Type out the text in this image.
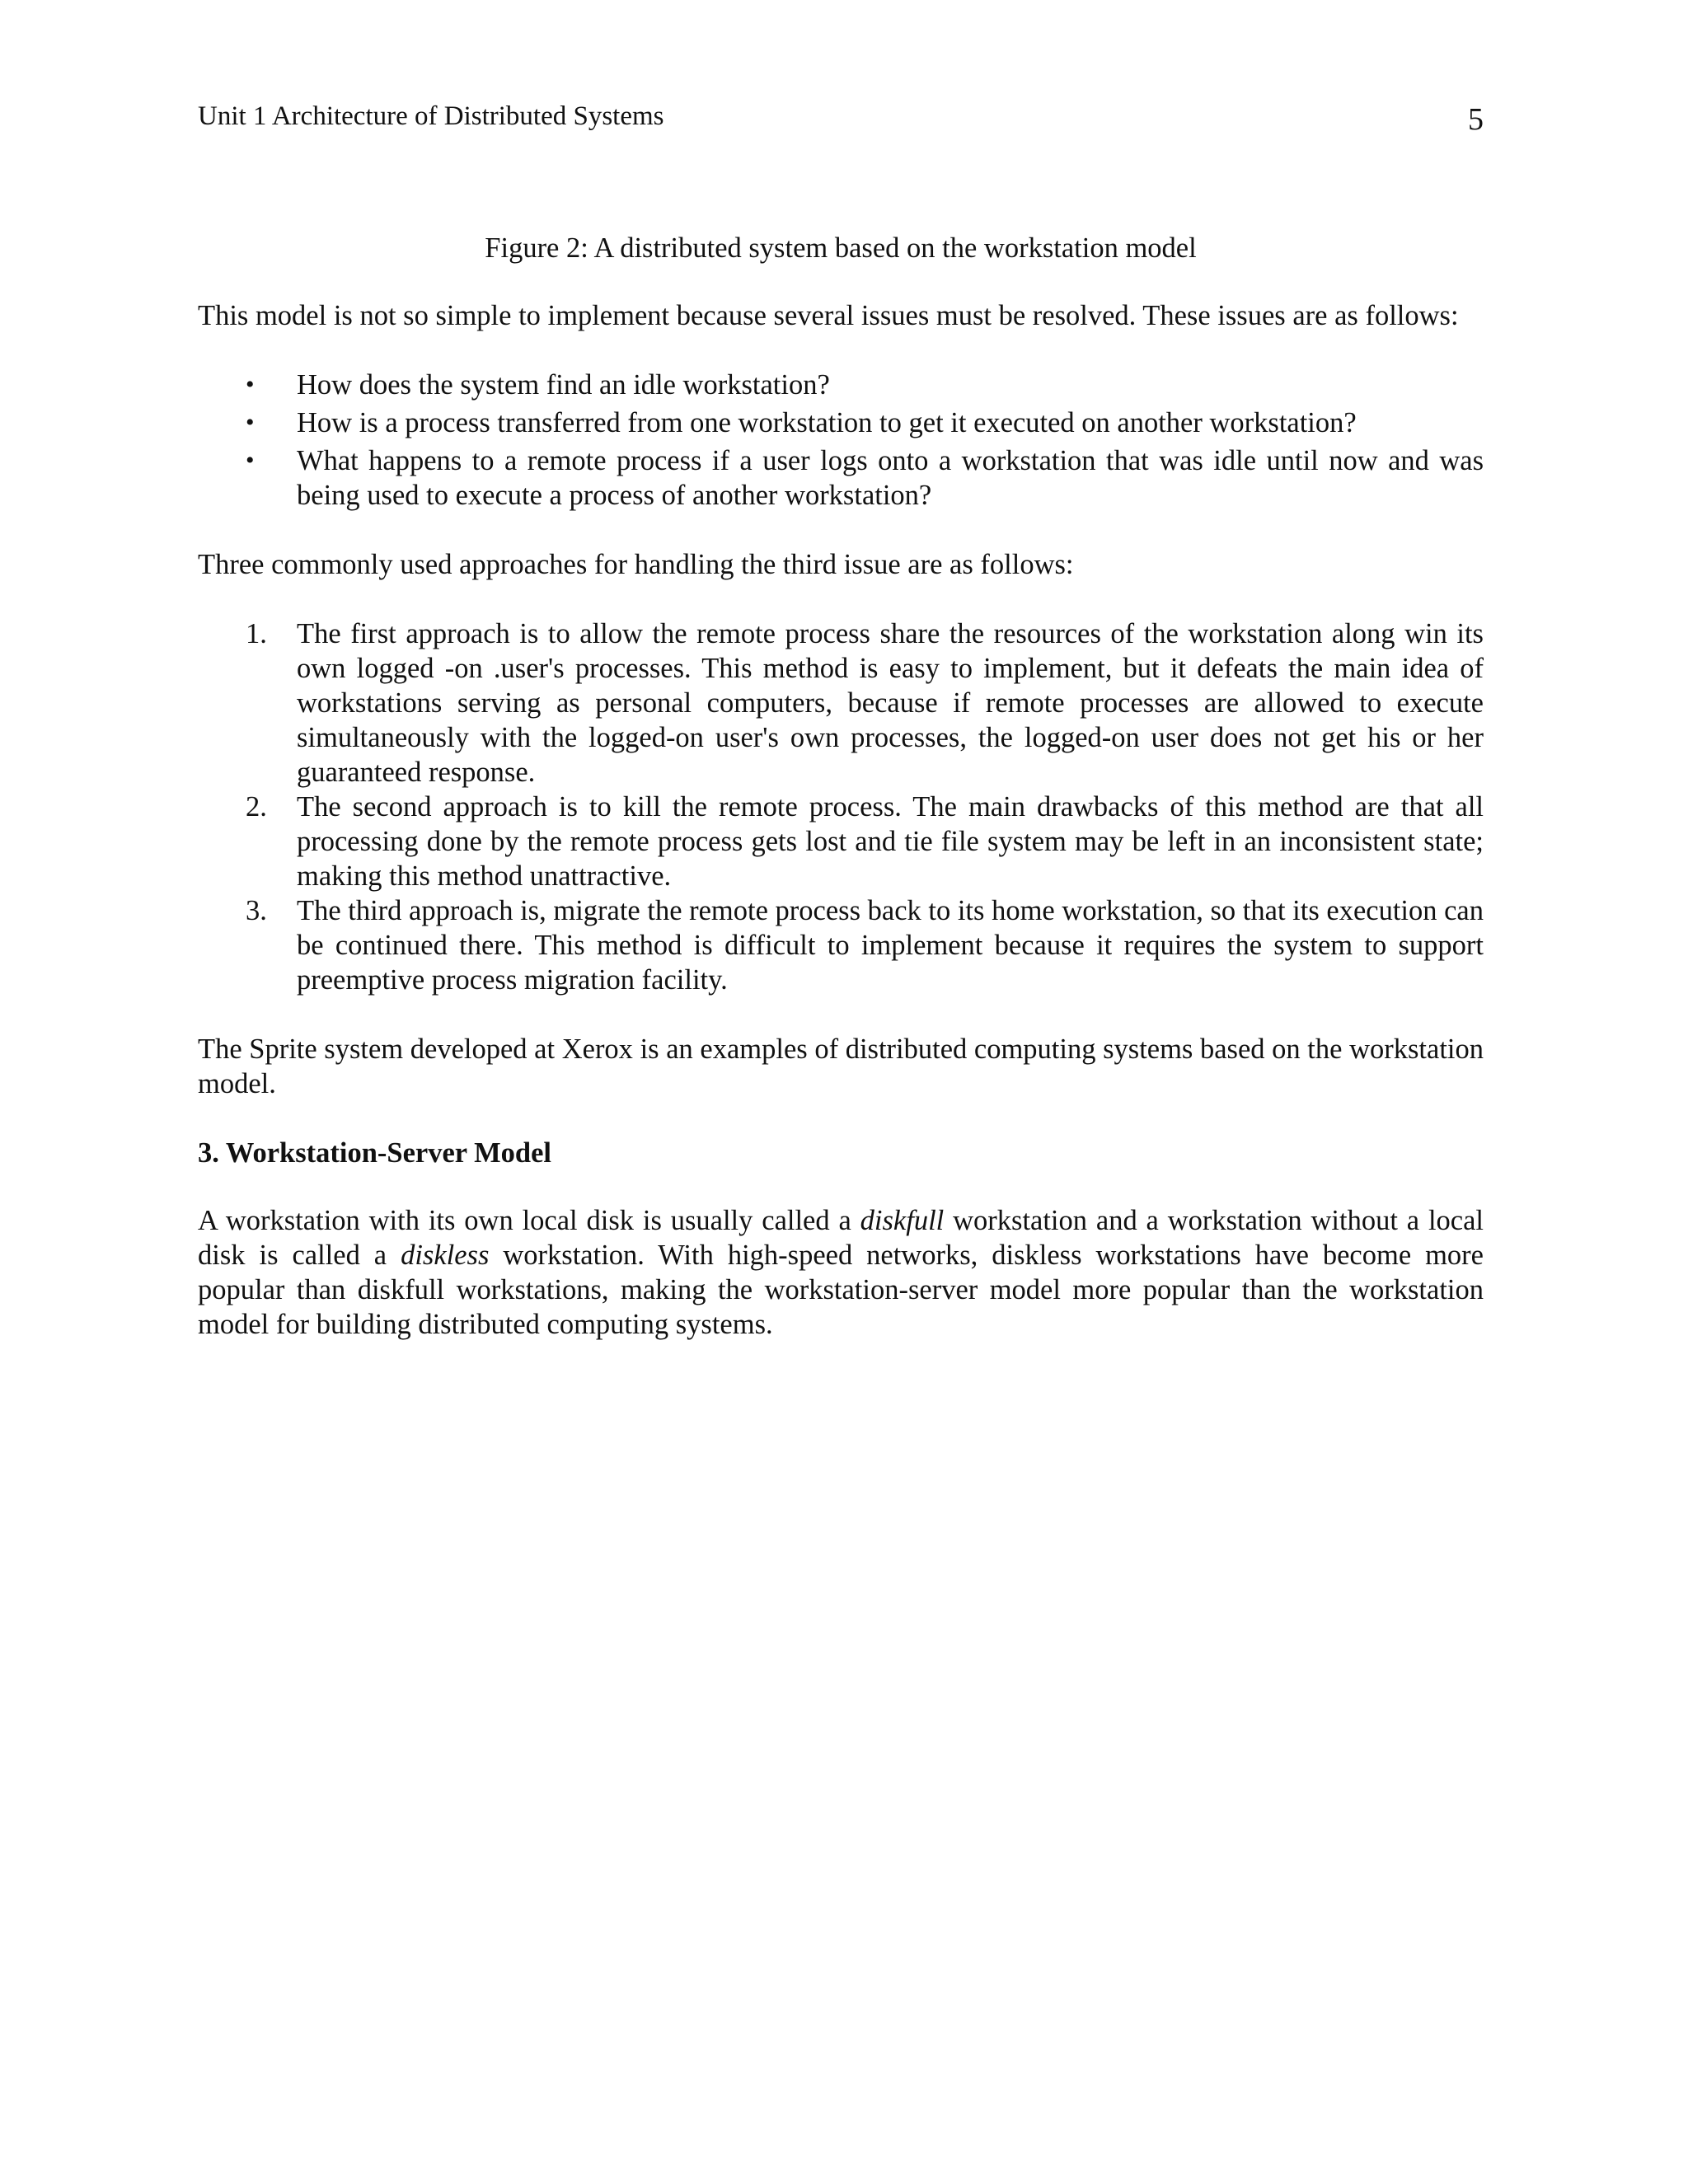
Unit 1 Architecture of Distributed Systems	5

Figure 2: A distributed system based on the workstation model

This model is not so simple to implement because several issues must be resolved. These issues are as follows:

• How does the system find an idle workstation?
• How is a process transferred from one workstation to get it executed on another workstation?
• What happens to a remote process if a user logs onto a workstation that was idle until now and was being used to execute a process of another workstation?

Three commonly used approaches for handling the third issue are as follows:

1. The first approach is to allow the remote process share the resources of the workstation along win its own logged -on .user's processes. This method is easy to implement, but it defeats the main idea of workstations serving as personal computers, because if remote processes are allowed to execute simultaneously with the logged-on user's own processes, the logged-on user does not get his or her guaranteed response.
2. The second approach is to kill the remote process. The main drawbacks of this method are that all processing done by the remote process gets lost and tie file system may be left in an inconsistent state; making this method unattractive.
3. The third approach is, migrate the remote process back to its home workstation, so that its execution can be continued there. This method is difficult to implement because it requires the system to support preemptive process migration facility.

The Sprite system developed at Xerox is an examples of distributed computing systems based on the workstation model.

3. Workstation-Server Model

A workstation with its own local disk is usually called a diskfull workstation and a workstation without a local disk is called a diskless workstation. With high-speed networks, diskless workstations have become more popular than diskfull workstations, making the workstation-server model more popular than the workstation model for building distributed computing systems.
